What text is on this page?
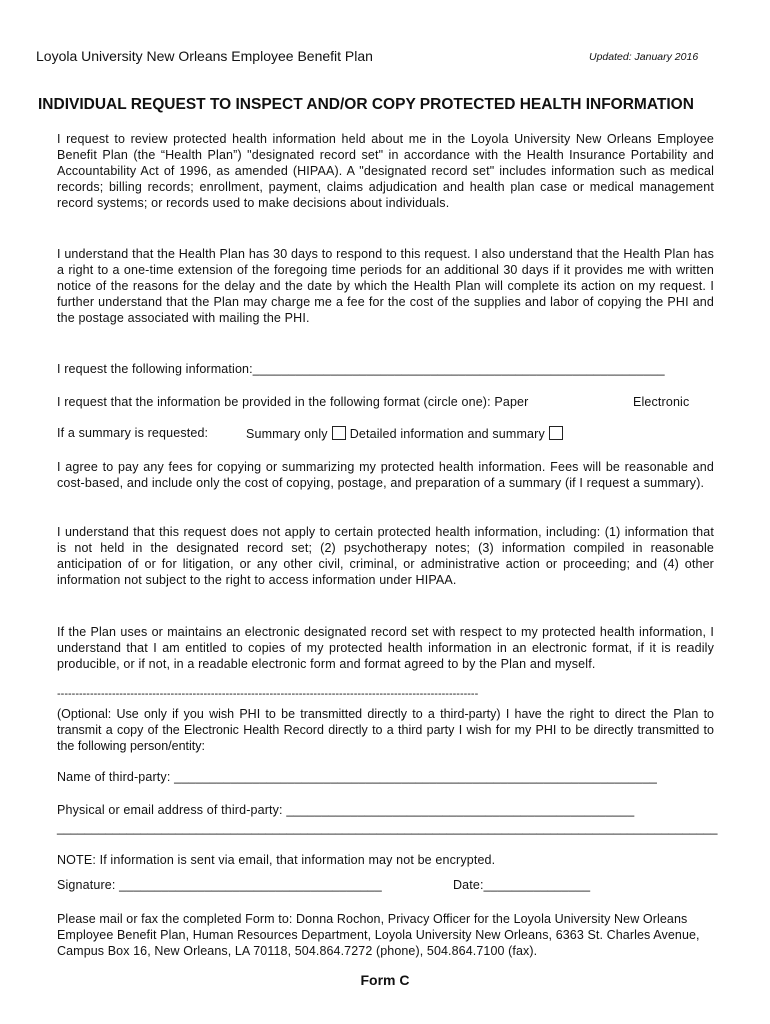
Loyola University New Orleans Employee Benefit Plan	Updated: January 2016
INDIVIDUAL REQUEST TO INSPECT AND/OR COPY PROTECTED HEALTH INFORMATION
I request to review protected health information held about me in the Loyola University New Orleans Employee Benefit Plan (the “Health Plan”) "designated record set" in accordance with the Health Insurance Portability and Accountability Act of 1996, as amended (HIPAA). A "designated record set" includes information such as medical records; billing records; enrollment, payment, claims adjudication and health plan case or medical management record systems; or records used to make decisions about individuals.
I understand that the Health Plan has 30 days to respond to this request. I also understand that the Health Plan has a right to a one-time extension of the foregoing time periods for an additional 30 days if it provides me with written notice of the reasons for the delay and the date by which the Health Plan will complete its action on my request. I further understand that the Plan may charge me a fee for the cost of the supplies and labor of copying the PHI and the postage associated with mailing the PHI.
I request the following information:__________________________________________________________
I request that the information be provided in the following format (circle one): Paper	Electronic
If a summary is requested:	Summary only Detailed information and summary
I agree to pay any fees for copying or summarizing my protected health information. Fees will be reasonable and cost-based, and include only the cost of copying, postage, and preparation of a summary (if I request a summary).
I understand that this request does not apply to certain protected health information, including: (1) information that is not held in the designated record set; (2) psychotherapy notes; (3) information compiled in reasonable anticipation of or for litigation, or any other civil, criminal, or administrative action or proceeding; and (4) other information not subject to the right to access information under HIPAA.
If the Plan uses or maintains an electronic designated record set with respect to my protected health information, I understand that I am entitled to copies of my protected health information in an electronic format, if it is readily producible, or if not, in a readable electronic form and format agreed to by the Plan and myself.
-------------------------------------------------------------------------------------------------------------------
(Optional: Use only if you wish PHI to be transmitted directly to a third-party) I have the right to direct the Plan to transmit a copy of the Electronic Health Record directly to a third party I wish for my PHI to be directly transmitted to the following person/entity:
Name of third-party: ____________________________________________________________________
Physical or email address of third-party: _________________________________________________
_______________________________________________________________________________________________
NOTE: If information is sent via email, that information may not be encrypted.
Signature: _____________________________________	Date:_______________
Please mail or fax the completed Form to: Donna Rochon, Privacy Officer for the Loyola University New Orleans Employee Benefit Plan, Human Resources Department, Loyola University New Orleans, 6363 St. Charles Avenue, Campus Box 16, New Orleans, LA 70118, 504.864.7272 (phone), 504.864.7100 (fax).
Form C
